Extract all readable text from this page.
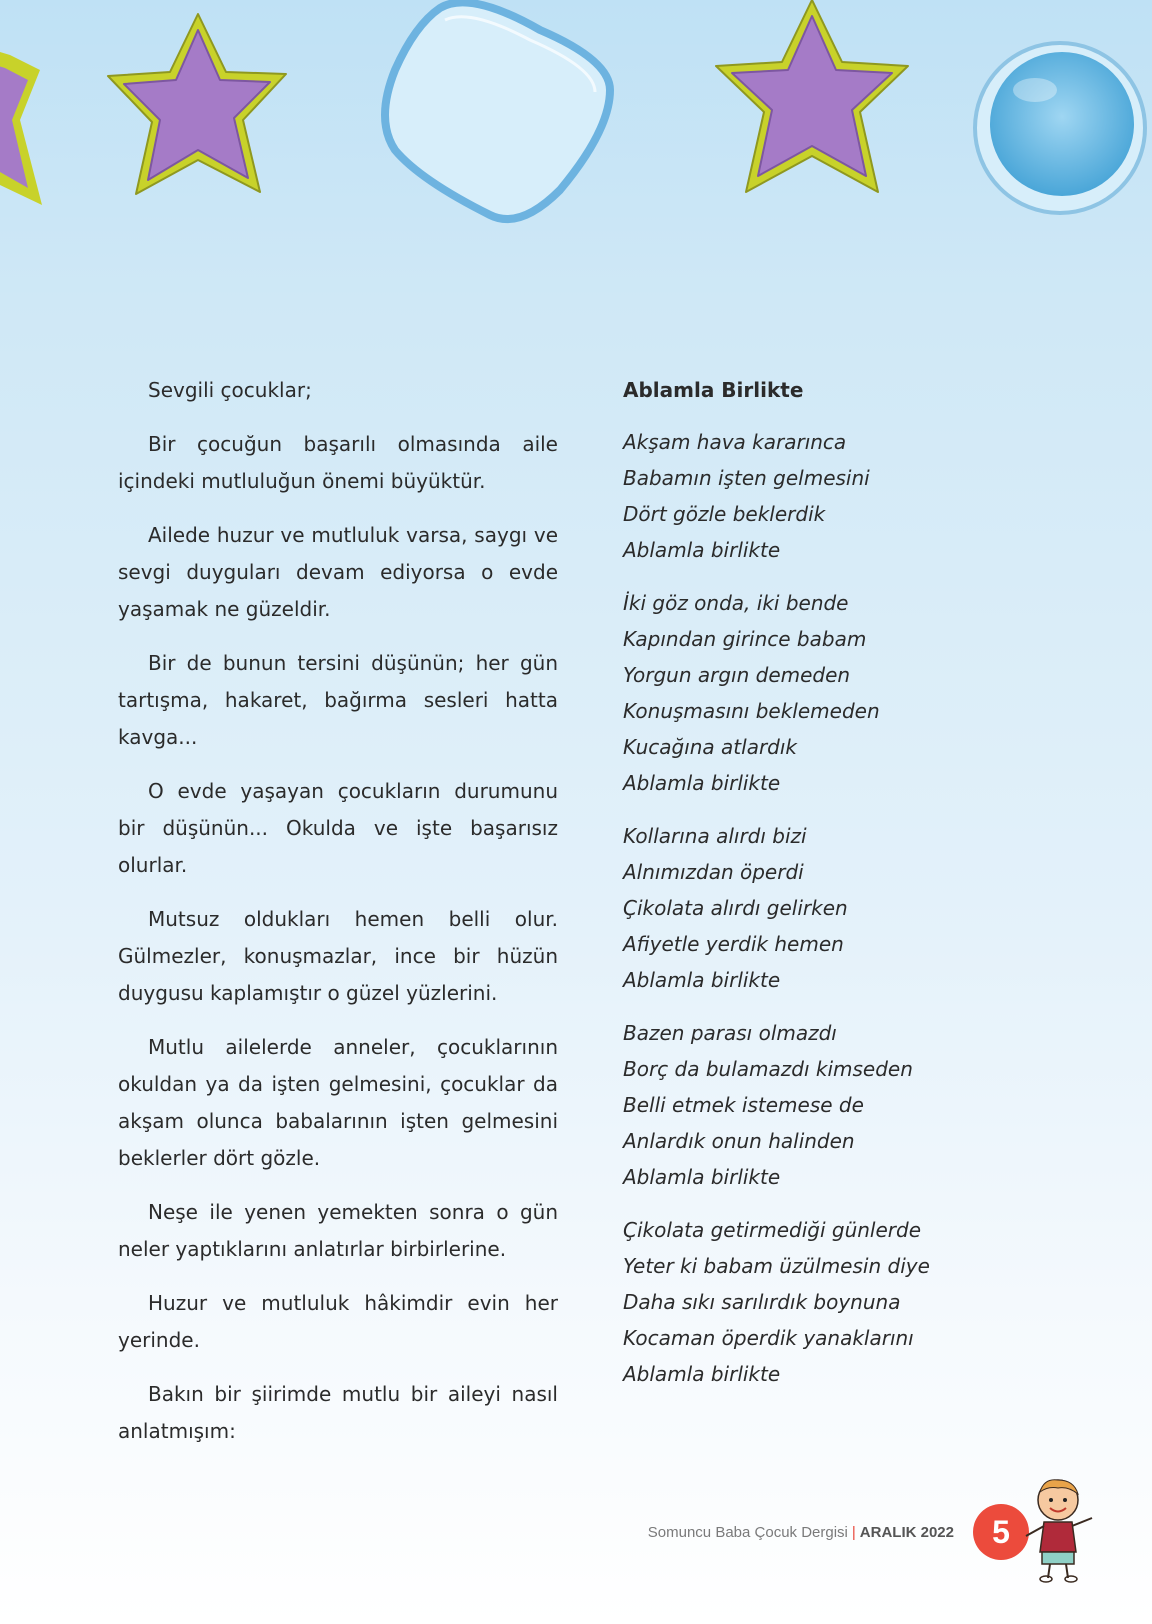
Sevgili çocuklar;

Bir çocuğun başarılı olmasında aile içindeki mutluluğun önemi büyüktür.

Ailede huzur ve mutluluk varsa, saygı ve sevgi duyguları devam ediyorsa o evde yaşamak ne güzeldir.

Bir de bunun tersini düşünün; her gün tartışma, hakaret, bağırma sesleri hatta kavga...

O evde yaşayan çocukların durumunu bir düşünün... Okulda ve işte başarısız olurlar.

Mutsuz oldukları hemen belli olur. Gülmezler, konuşmazlar, ince bir hüzün duygusu kaplamıştır o güzel yüzlerini.

Mutlu ailelerde anneler, çocuklarının okuldan ya da işten gelmesini, çocuklar da akşam olunca babalarının işten gelmesini beklerler dört gözle.

Neşe ile yenen yemekten sonra o gün neler yaptıklarını anlatırlar birbirlerine.

Huzur ve mutluluk hâkimdir evin her yerinde.

Bakın bir şiirimde mutlu bir aileyi nasıl anlatmışım:

Ablamla Birlikte
Akşam hava kararınca
Babamın işten gelmesini
Dört gözle beklerdik
Ablamla birlikte
İki göz onda, iki bende
Kapından girince babam
Yorgun argın demeden
Konuşmasını beklemeden
Kucağına atlardık
Ablamla birlikte
Kollarına alırdı bizi
Alnımızdan öperdi
Çikolata alırdı gelirken
Afiyetle yerdik hemen
Ablamla birlikte
Bazen parası olmazdı
Borç da bulamazdı kimseden
Belli etmek istemese de
Anlardık onun halinden
Ablamla birlikte
Çikolata getirmediği günlerde
Yeter ki babam üzülmesin diye
Daha sıkı sarılırdık boynuna
Kocaman öperdik yanaklarını
Ablamla birlikte
Somuncu Baba Çocuk Dergisi | ARALIK 2022	5
